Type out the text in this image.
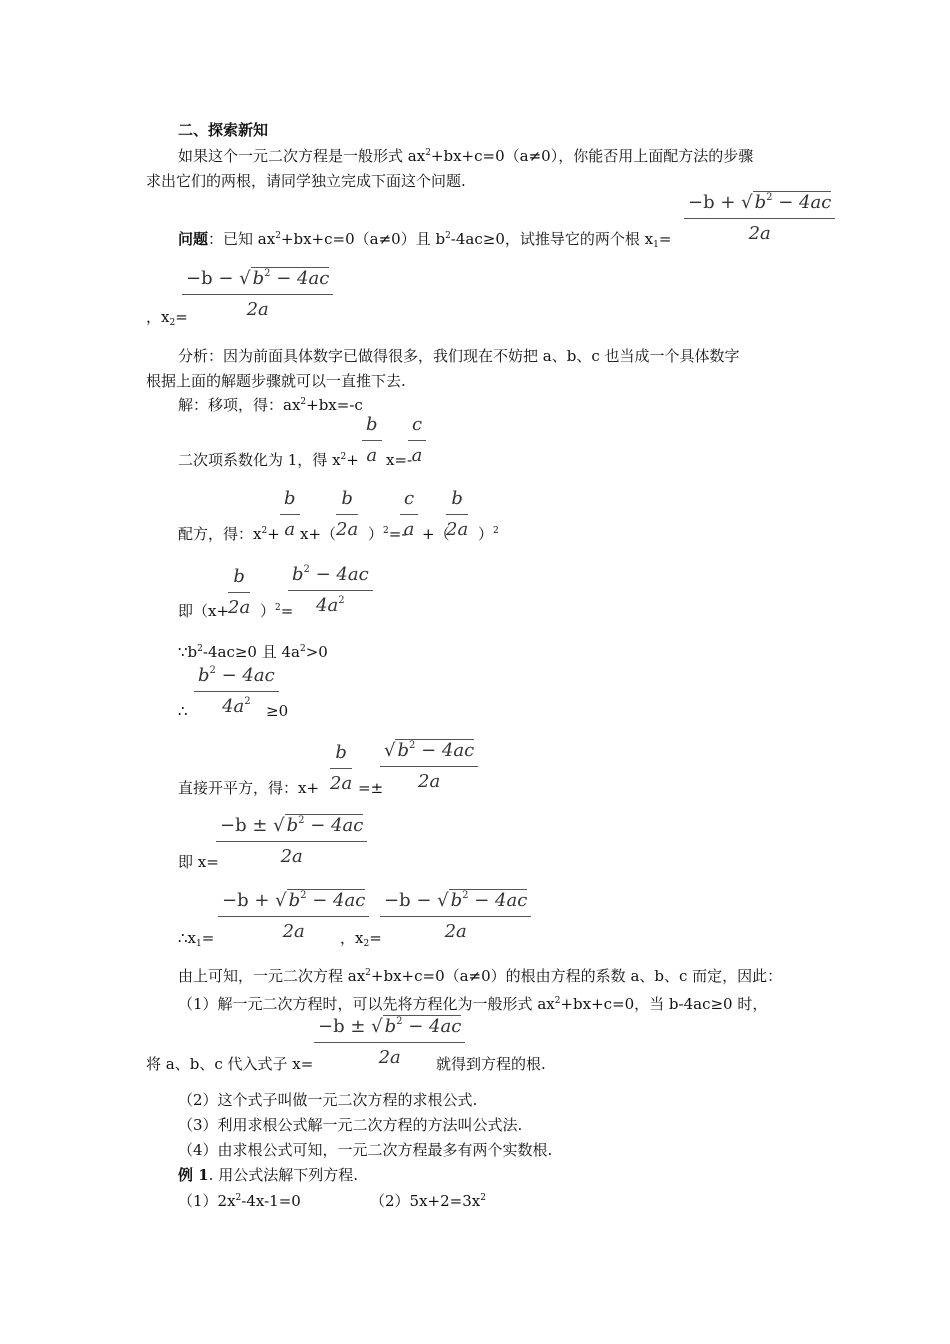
二、探索新知
如果这个一元二次方程是一般形式 $ax^2+bx+c=0(a\ne 0)$，你能否用上面配方法的步骤
求出它们的两根，请同学独立完成下面这个问题.
问题：已知 $ax^2+bx+c=0(a\ne 0)$且 $b^2-4ac\ge 0$，试推导它的两个根 $x_1=$
−b + √ $b^2 - 4ac$
2a
−b − √ $b^2 - 4ac$
2a
，$x_2=$
分析：因为前面具体数字已做得很多，我们现在不妨把 a、b、c 也当成一个具体数字
根据上面的解题步骤就可以一直推下去.
解：移项，得：$ax^2+bx=-c$
二次项系数化为 1，得 $x^2+$
b
a x=-
c
a
配方，得：$x^2+$
b
a x+（
b
2a ）$^2$=-
c
a +（
b
2a ）$^2$
即（x+
b
2a ）$^2$=
$b^2 - 4ac$
$4a^2$
$\because b^2-4ac\ge 0$ 且 $4a^2>0$
$b^2 - 4ac$
$4a^2$
∴	≥0
直接开平方，得：x+
b
2a =±
√ $b^2 - 4ac$
2a
即 x=
−b ± √ $b^2 - 4ac$
2a
$\therefore x_1=$
−b + √ $b^2 - 4ac$
2a ，$x_2=$
−b − √ $b^2 - 4ac$
2a
由上可知，一元二次方程 $ax^2+bx+c=0(a\ne 0)$的根由方程的系数 a、b、c 而定，因此：
（1）解一元二次方程时，可以先将方程化为一般形式 $ax^2+bx+c=0$，当 b-4ac≥0 时，
将 a、b、c 代入式子 x=
−b ± √ $b^2 - 4ac$
2a 就得到方程的根.
（2）这个式子叫做一元二次方程的求根公式.
（3）利用求根公式解一元二次方程的方法叫公式法.
（4）由求根公式可知，一元二次方程最多有两个实数根.
例 1. 用公式法解下列方程.
$(1)2x^2-4x-1=0$	$(2)5x+2=3x^2$
